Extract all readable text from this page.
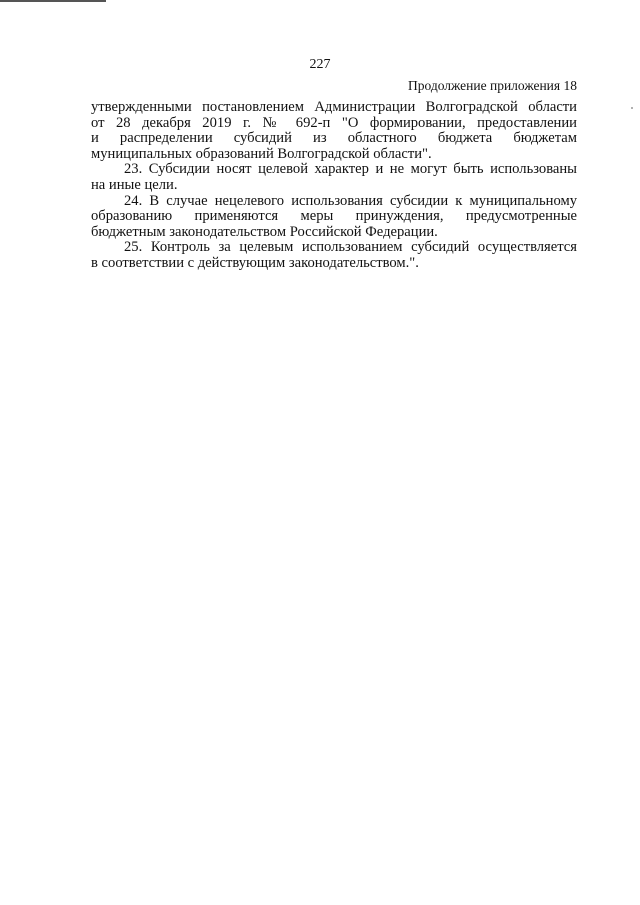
227
Продолжение приложения 18
утвержденными постановлением Администрации Волгоградской области
от 28 декабря 2019 г. № 692-п "О формировании, предоставлении
и распределении субсидий из областного бюджета бюджетам
муниципальных образований Волгоградской области".
23. Субсидии носят целевой характер и не могут быть использованы
на иные цели.
24. В случае нецелевого использования субсидии к муниципальному
образованию применяются меры принуждения, предусмотренные
бюджетным законодательством Российской Федерации.
25. Контроль за целевым использованием субсидий осуществляется
в соответствии с действующим законодательством.".
